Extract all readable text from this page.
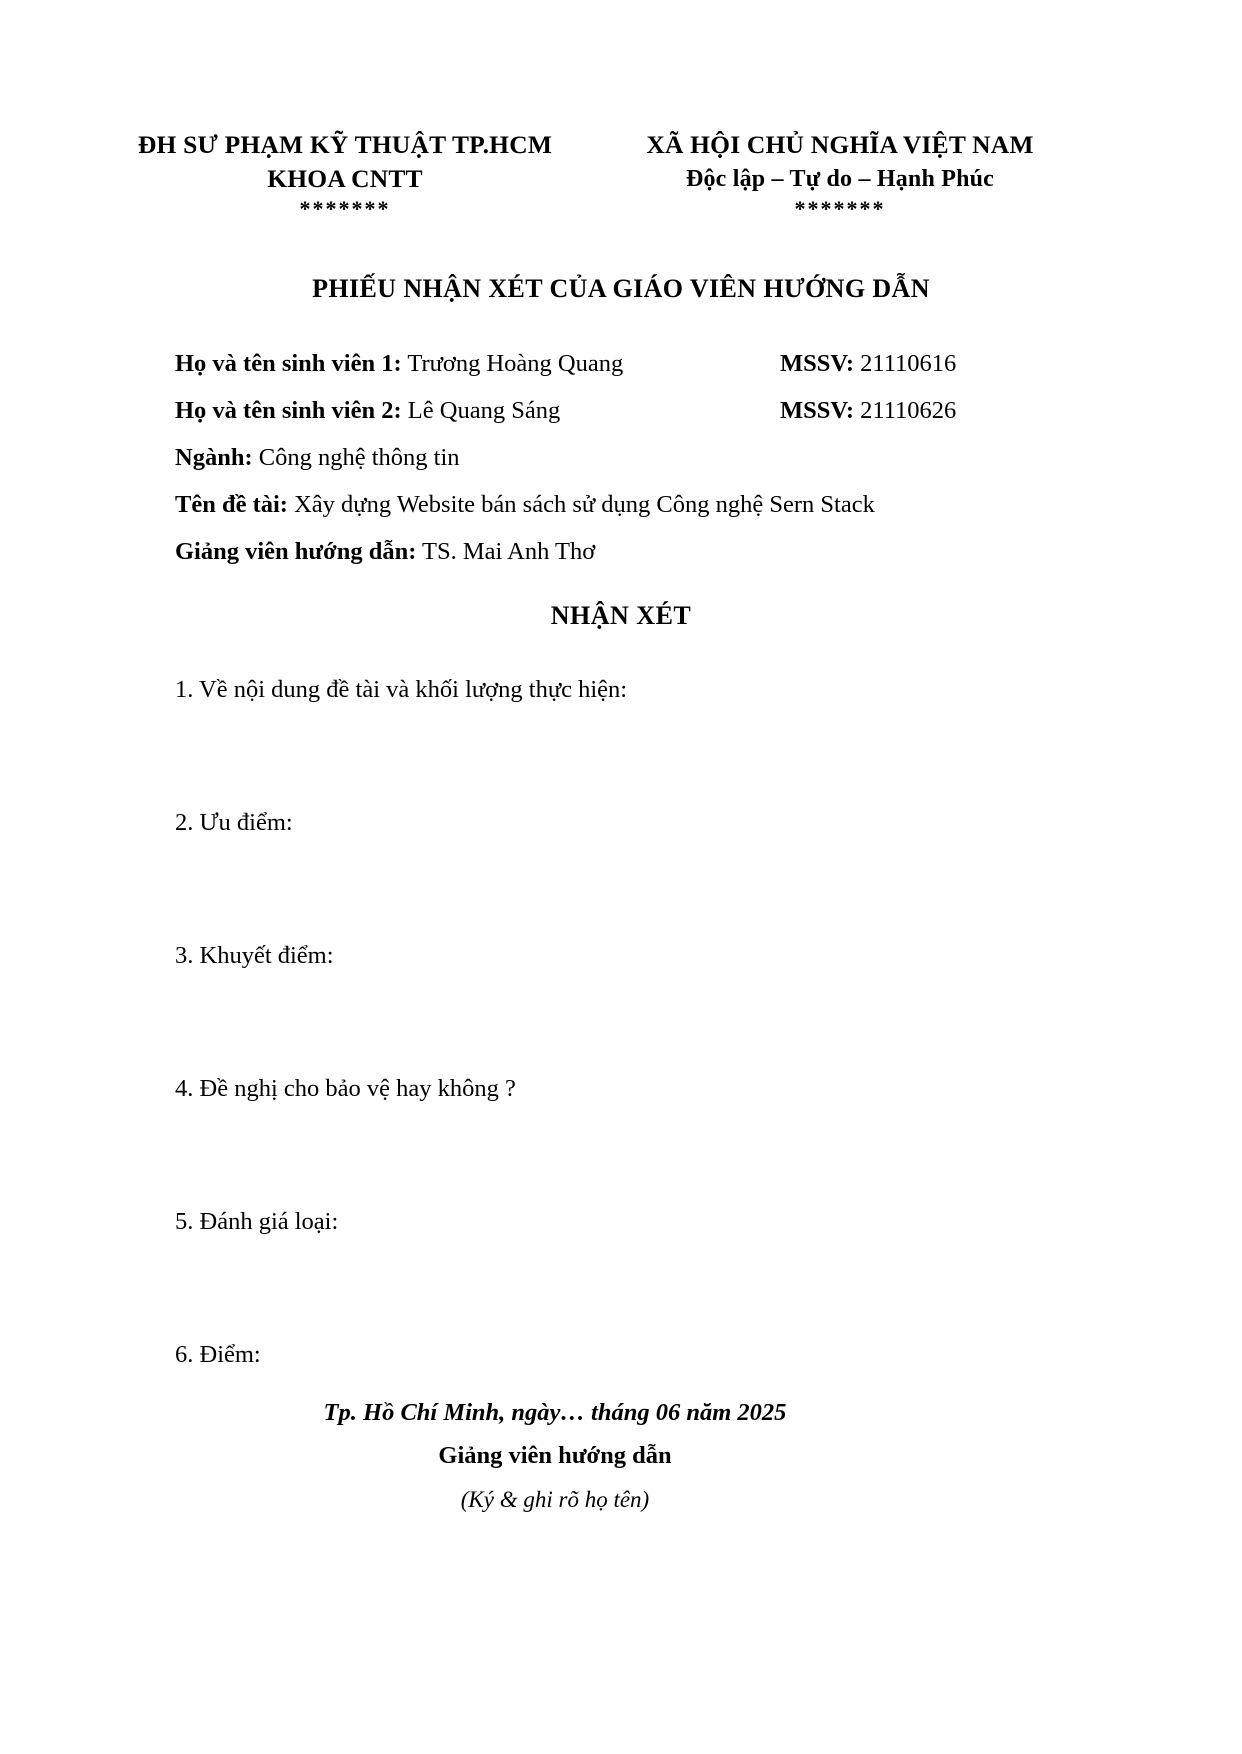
ĐH SƯ PHẠM KỸ THUẬT TP.HCM
KHOA CNTT
*******
XÃ HỘI CHỦ NGHĨA VIỆT NAM
Độc lập – Tự do – Hạnh Phúc
*******
PHIẾU NHẬN XÉT CỦA GIÁO VIÊN HƯỚNG DẪN
Họ và tên sinh viên 1: Trương Hoàng Quang	MSSV: 21110616
Họ và tên sinh viên 2: Lê Quang Sáng	MSSV: 21110626
Ngành: Công nghệ thông tin
Tên đề tài: Xây dựng Website bán sách sử dụng Công nghệ Sern Stack
Giảng viên hướng dẫn: TS. Mai Anh Thơ
NHẬN XÉT
1. Về nội dung đề tài và khối lượng thực hiện:
2. Ưu điểm:
3. Khuyết điểm:
4. Đề nghị cho bảo vệ hay không ?
5. Đánh giá loại:
6. Điểm:
Tp. Hồ Chí Minh, ngày… tháng 06 năm 2025
Giảng viên hướng dẫn
(Ký & ghi rõ họ tên)
